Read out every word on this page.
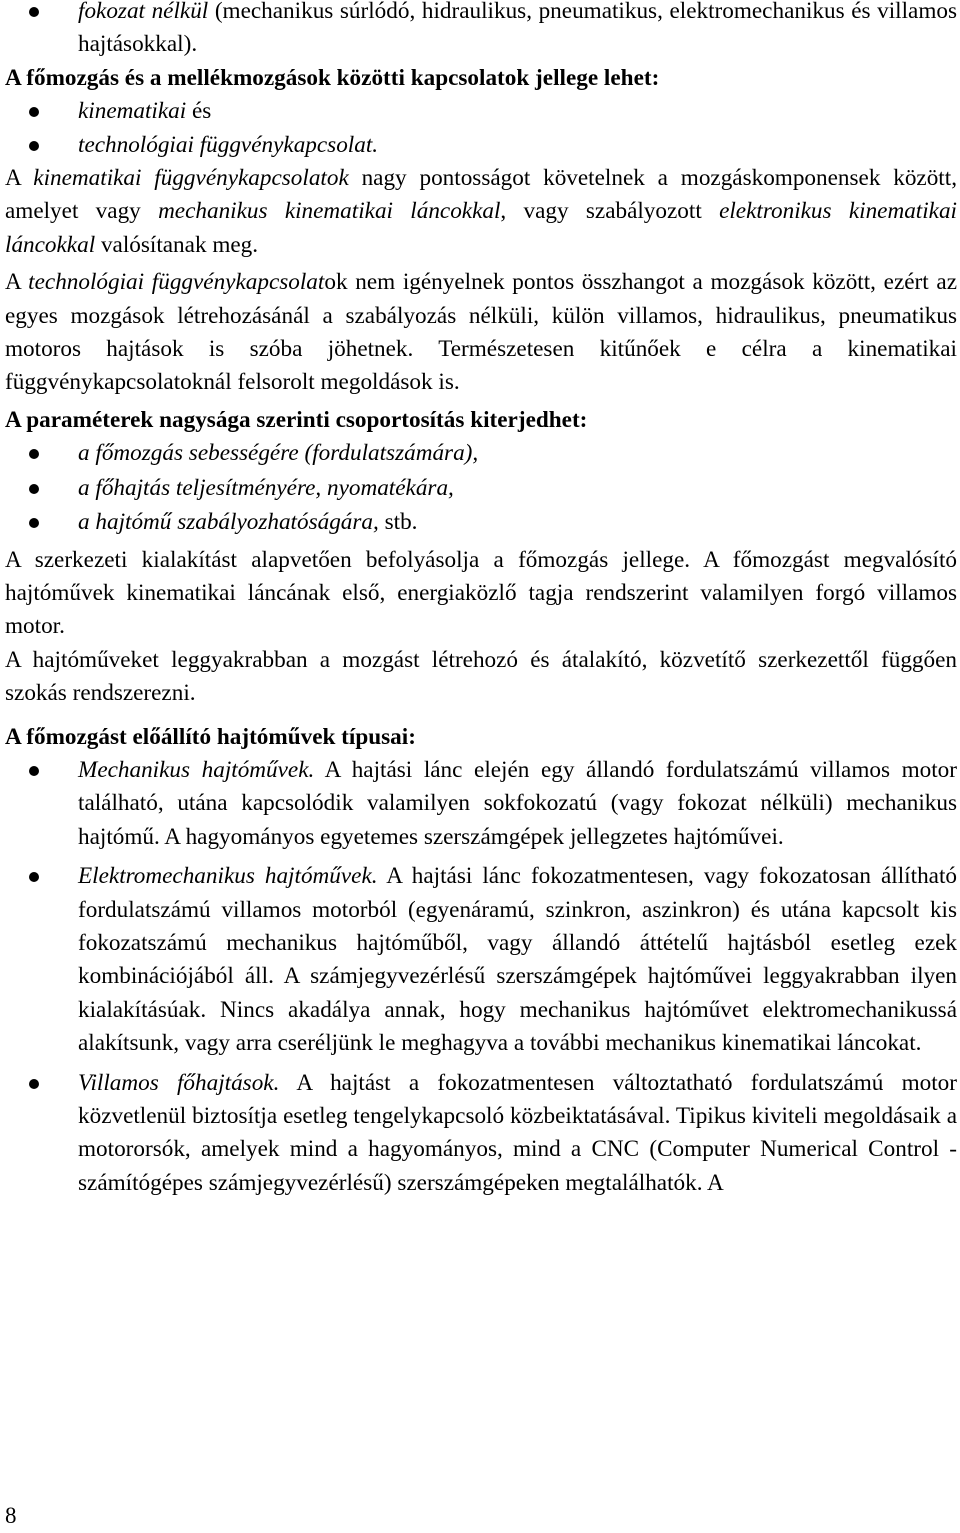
fokozat nélkül (mechanikus súrlódó, hidraulikus, pneumatikus, elektromechanikus és villamos hajtásokkal).

A főmozgás és a mellékmozgások közötti kapcsolatok jellege lehet:

kinematikai és
technológiai függvénykapcsolat.

A kinematikai függvénykapcsolatok nagy pontosságot követelnek a mozgáskomponensek között, amelyet vagy mechanikus kinematikai láncokkal, vagy szabályozott elektronikus kinematikai láncokkal valósítanak meg.

A technológiai függvénykapcsolatok nem igényelnek pontos összhangot a mozgások között, ezért az egyes mozgások létrehozásánál a szabályozás nélküli, külön villamos, hidraulikus, pneumatikus motoros hajtások is szóba jöhetnek. Természetesen kitűnőek e célra a kinematikai függvénykapcsolatoknál felsorolt megoldások is.

A paraméterek nagysága szerinti csoportosítás kiterjedhet:

a főmozgás sebességére (fordulatszámára),
a főhajtás teljesítményére, nyomatékára,
a hajtómű szabályozhatóságára, stb.

A szerkezeti kialakítást alapvetően befolyásolja a főmozgás jellege. A főmozgást megvalósító hajtóművek kinematikai láncának első, energiaközlő tagja rendszerint valamilyen forgó villamos motor.

A hajtóműveket leggyakrabban a mozgást létrehozó és átalakító, közvetítő szerkezettől függően szokás rendszerezni.

A főmozgást előállító hajtóművek típusai:

Mechanikus hajtóművek. A hajtási lánc elején egy állandó fordulatszámú villamos motor található, utána kapcsolódik valamilyen sokfokozatú (vagy fokozat nélküli) mechanikus hajtómű. A hagyományos egyetemes szerszámgépek jellegzetes hajtóművei.
Elektromechanikus hajtóművek. A hajtási lánc fokozatmentesen, vagy fokozatosan állítható fordulatszámú villamos motorból (egyenáramú, szinkron, aszinkron) és utána kapcsolt kis fokozatszámú mechanikus hajtóműből, vagy állandó áttételű hajtásból esetleg ezek kombinációjából áll. A számjegyvezérlésű szerszámgépek hajtóművei leggyakrabban ilyen kialakításúak. Nincs akadálya annak, hogy mechanikus hajtóművet elektromechanikussá alakítsunk, vagy arra cseréljünk le meghagyva a további mechanikus kinematikai láncokat.
Villamos főhajtások. A hajtást a fokozatmentesen változtatható fordulatszámú motor közvetlenül biztosítja esetleg tengelykapcsoló közbeiktatásával. Tipikus kiviteli megoldásaik a motororsók, amelyek mind a hagyományos, mind a CNC (Computer Numerical Control - számítógépes számjegyvezérlésű) szerszámgépeken megtalálhatók. A
8
